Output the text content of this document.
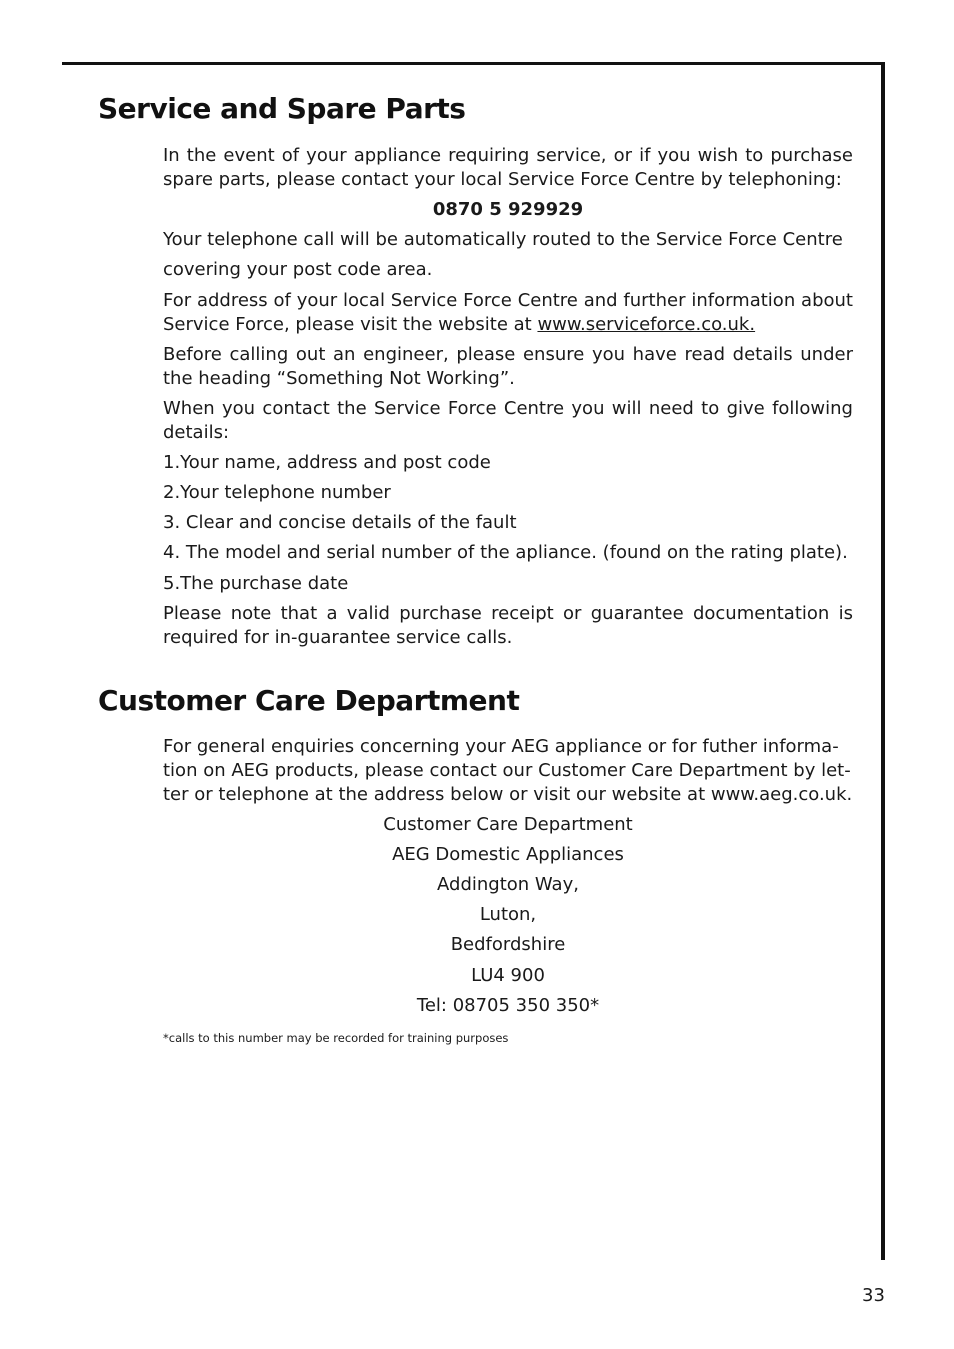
Service and Spare Parts
In the event of your appliance requiring service, or if you wish to purchase spare parts, please contact your local Service Force Centre by telephoning:
0870 5 929929
Your telephone call will be automatically routed to the Service Force Centre
covering your post code area.
For address of your local Service Force Centre and further information about Service Force, please visit the website at www.serviceforce.co.uk.
Before calling out an engineer, please ensure you have read details under the heading “Something Not Working”.
When you contact the Service Force Centre you will need to give following details:
1.Your name, address and post code
2.Your telephone number
3. Clear and concise details of the fault
4. The model and serial number of the apliance. (found on the rating plate).
5.The purchase date
Please note that a valid purchase receipt or guarantee documentation is required for in-guarantee service calls.
Customer Care Department
For general enquiries concerning your AEG appliance or for futher informa-
tion on AEG products, please contact our Customer Care Department by let-
ter or telephone at the address below or visit our website at www.aeg.co.uk.
Customer Care Department
AEG Domestic Appliances
Addington Way,
Luton,
Bedfordshire
LU4 900
Tel: 08705 350 350*
*calls to this number may be recorded for training purposes
33
